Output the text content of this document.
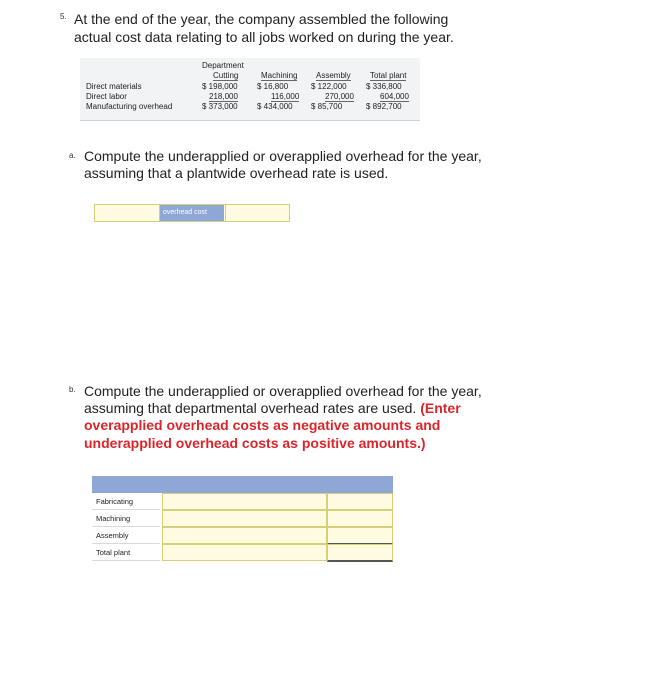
5. At the end of the year, the company assembled the following
actual cost data relating to all jobs worked on during the year.
Department
Cutting	Machining Assembly Total plant
Direct materials	$ 198,000 $ 16,800	$ 122,000 $ 336,800
Direct labor	218,000	116,000	270,000	604,000
Manufacturing overhead	$ 373,000 $ 434,000 $ 85,700	$ 892,700
a. Compute the underapplied or overapplied overhead for the year,
assuming that a plantwide overhead rate is used.
overhead cost
b. Compute the underapplied or overapplied overhead for the year,
assuming that departmental overhead rates are used. (Enter
overapplied overhead costs as negative amounts and
underapplied overhead costs as positive amounts.)
Fabricating
Machining
Assembly
Total plant
